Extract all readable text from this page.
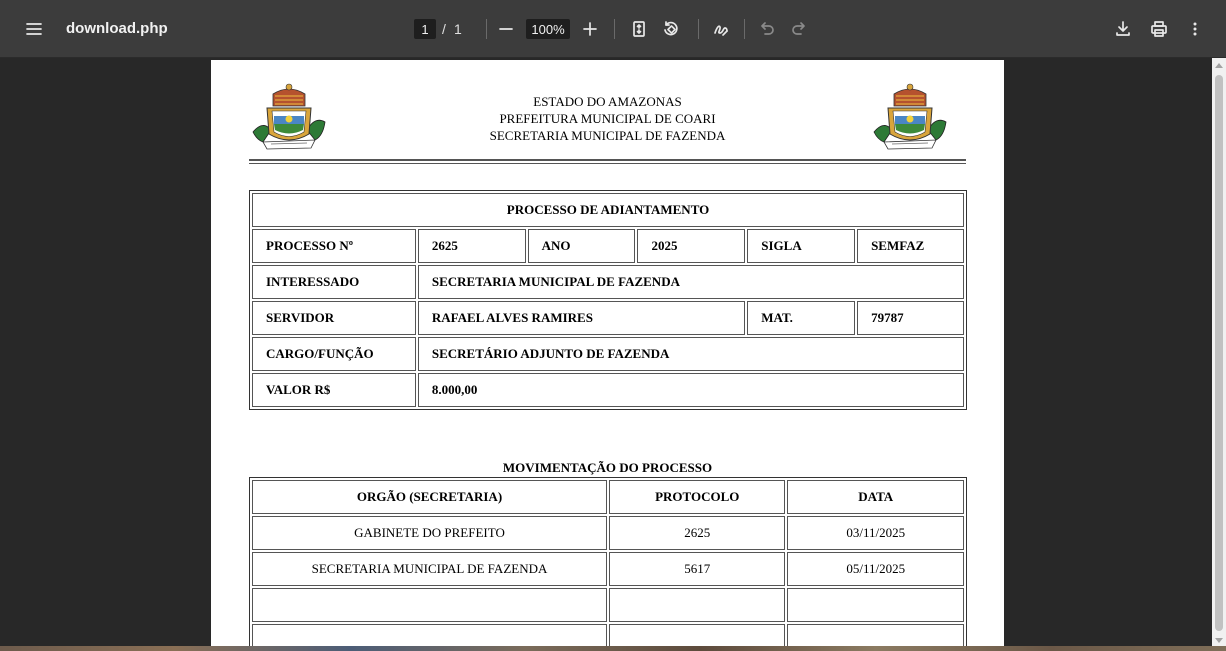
download.php	1 / 1	100%
ESTADO DO AMAZONAS
PREFEITURA MUNICIPAL DE COARI
SECRETARIA MUNICIPAL DE FAZENDA
PROCESSO DE ADIANTAMENTO					
PROCESSO Nº	2625	ANO	2025	SIGLA	SEMFAZ
INTERESSADO	SECRETARIA MUNICIPAL DE FAZENDA				
SERVIDOR	RAFAEL ALVES RAMIRES			MAT.	79787
CARGO/FUNÇÃO	SECRETÁRIO ADJUNTO DE FAZENDA				
VALOR R$	8.000,00				
MOVIMENTAÇÃO DO PROCESSO
ORGÃO (SECRETARIA)	PROTOCOLO	DATA
GABINETE DO PREFEITO	2625	03/11/2025
SECRETARIA MUNICIPAL DE FAZENDA	5617	05/11/2025
